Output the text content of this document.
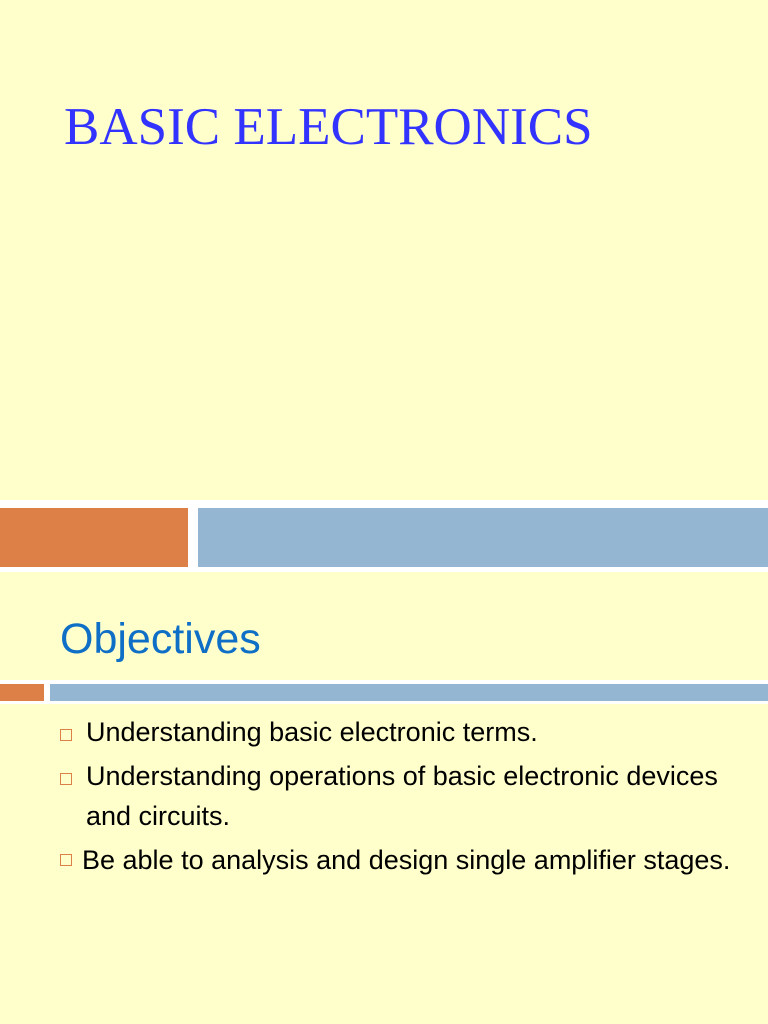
BASIC ELECTRONICS
Objectives
Understanding basic electronic terms.
Understanding operations of basic electronic devices and circuits.
Be able to analysis and design single amplifier stages.
